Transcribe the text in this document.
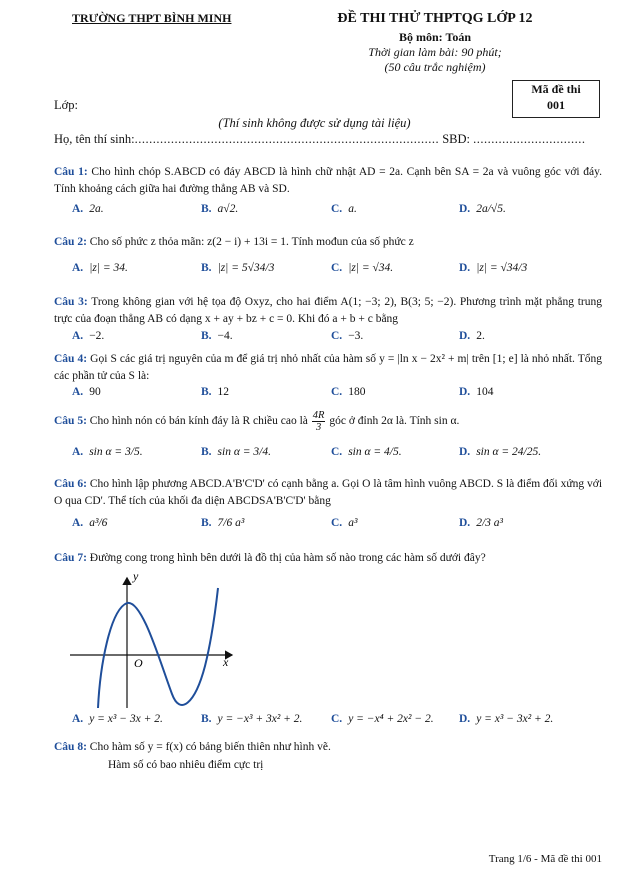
TRƯỜNG THPT BÌNH MINH	ĐỀ THI THỬ THPTQG LỚP 12
Bộ môn: Toán
Thời gian làm bài: 90 phút;
(50 câu trắc nghiệm)
Mã đề thi
001
Lớp:
(Thí sinh không được sử dụng tài liệu)
Họ, tên thí sinh:.................................................................................... SBD: ...............................
Câu 1: Cho hình chóp S.ABCD có đáy ABCD là hình chữ nhật AD = 2a. Cạnh bên SA = 2a và vuông góc với đáy. Tính khoảng cách giữa hai đường thẳng AB và SD.
A. 2a.	B. a√2.	C. a.	D. 2a/√5.
Câu 2: Cho số phức z thỏa mãn: z(2 − i) + 13i = 1. Tính mođun của số phức z
A. |z| = 34.	B. |z| = 5√34/3	C. |z| = √34.	D. |z| = √34/3
Câu 3: Trong không gian với hệ tọa độ Oxyz, cho hai điểm A(1; −3; 2), B(3; 5; −2). Phương trình mặt phẳng trung trực của đoạn thẳng AB có dạng x + ay + bz + c = 0. Khi đó a + b + c bằng
A. −2.	B. −4.	C. −3.	D. 2.
Câu 4: Gọi S các giá trị nguyên của m để giá trị nhỏ nhất của hàm số y = |ln x − 2x² + m| trên [1; e] là nhỏ nhất. Tổng các phần tử của S là:
A. 90	B. 12	C. 180	D. 104
Câu 5: Cho hình nón có bán kính đáy là R chiều cao là $\frac{4R}{3}$ góc ở đỉnh 2α là. Tính sin α.
A. sin α = 3/5.	B. sin α = 3/4.	C. sin α = 4/5.	D. sin α = 24/25.
Câu 6: Cho hình lập phương ABCD.A'B'C'D' có cạnh bằng a. Gọi O là tâm hình vuông ABCD. S là điểm đối xứng với O qua CD'. Thể tích của khối đa diện ABCDSA'B'C'D' bằng
A. a³/6	B. 7/6 a³	C. a³	D. 2/3 a³
Câu 7: Đường cong trong hình bên dưới là đồ thị của hàm số nào trong các hàm số dưới đây?
y
x
O
A. y = x³ − 3x + 2.	B. y = −x³ + 3x² + 2. C. y = −x⁴ + 2x² − 2. D. y = x³ − 3x² + 2.
Câu 8: Cho hàm số y = f(x) có bảng biến thiên như hình vẽ.
Hàm số có bao nhiêu điểm cực trị
Trang 1/6 - Mã đề thi 001
